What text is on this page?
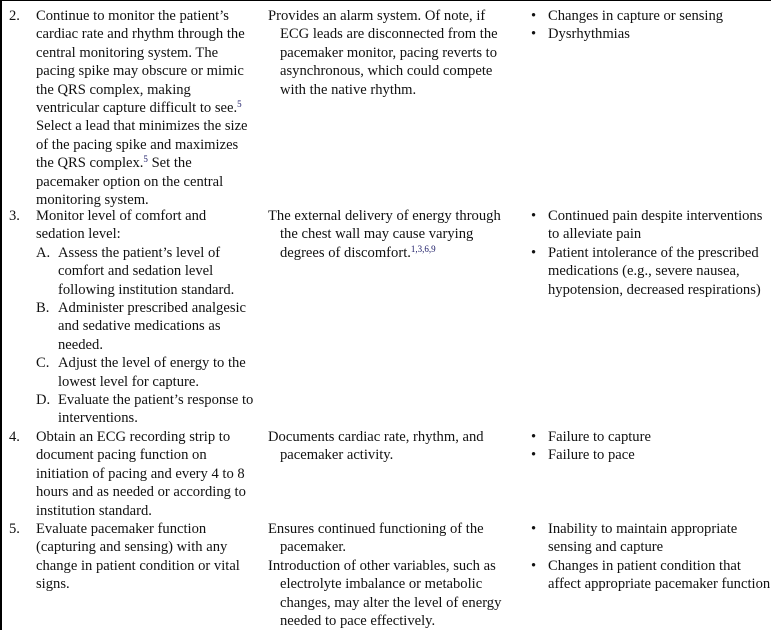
2. Continue to monitor the patient’s cardiac rate and rhythm through the central monitoring system. The pacing spike may obscure or mimic the QRS complex, making ventricular capture difficult to see.$^5$ Select a lead that minimizes the size of the pacing spike and maximizes the QRS complex.$^5$ Set the pacemaker option on the central monitoring system.
Provides an alarm system. Of note, if ECG leads are disconnected from the pacemaker monitor, pacing reverts to asynchronous, which could compete with the native rhythm.
• Changes in capture or sensing
• Dysrhythmias
3. Monitor level of comfort and sedation level:
A. Assess the patient’s level of comfort and sedation level following institution standard.
B. Administer prescribed analgesic and sedative medications as needed.
C. Adjust the level of energy to the lowest level for capture.
D. Evaluate the patient’s response to interventions.
The external delivery of energy through the chest wall may cause varying degrees of discomfort.$^{1,3,6,9}$
• Continued pain despite interventions to alleviate pain
• Patient intolerance of the prescribed medications (e.g., severe nausea, hypotension, decreased respirations)
4. Obtain an ECG recording strip to document pacing function on initiation of pacing and every 4 to 8 hours and as needed or according to institution standard.
Documents cardiac rate, rhythm, and pacemaker activity.
• Failure to capture
• Failure to pace
5. Evaluate pacemaker function (capturing and sensing) with any change in patient condition or vital signs.
Ensures continued functioning of the pacemaker.
Introduction of other variables, such as electrolyte imbalance or metabolic changes, may alter the level of energy needed to pace effectively.
• Inability to maintain appropriate sensing and capture
• Changes in patient condition that affect appropriate pacemaker function
